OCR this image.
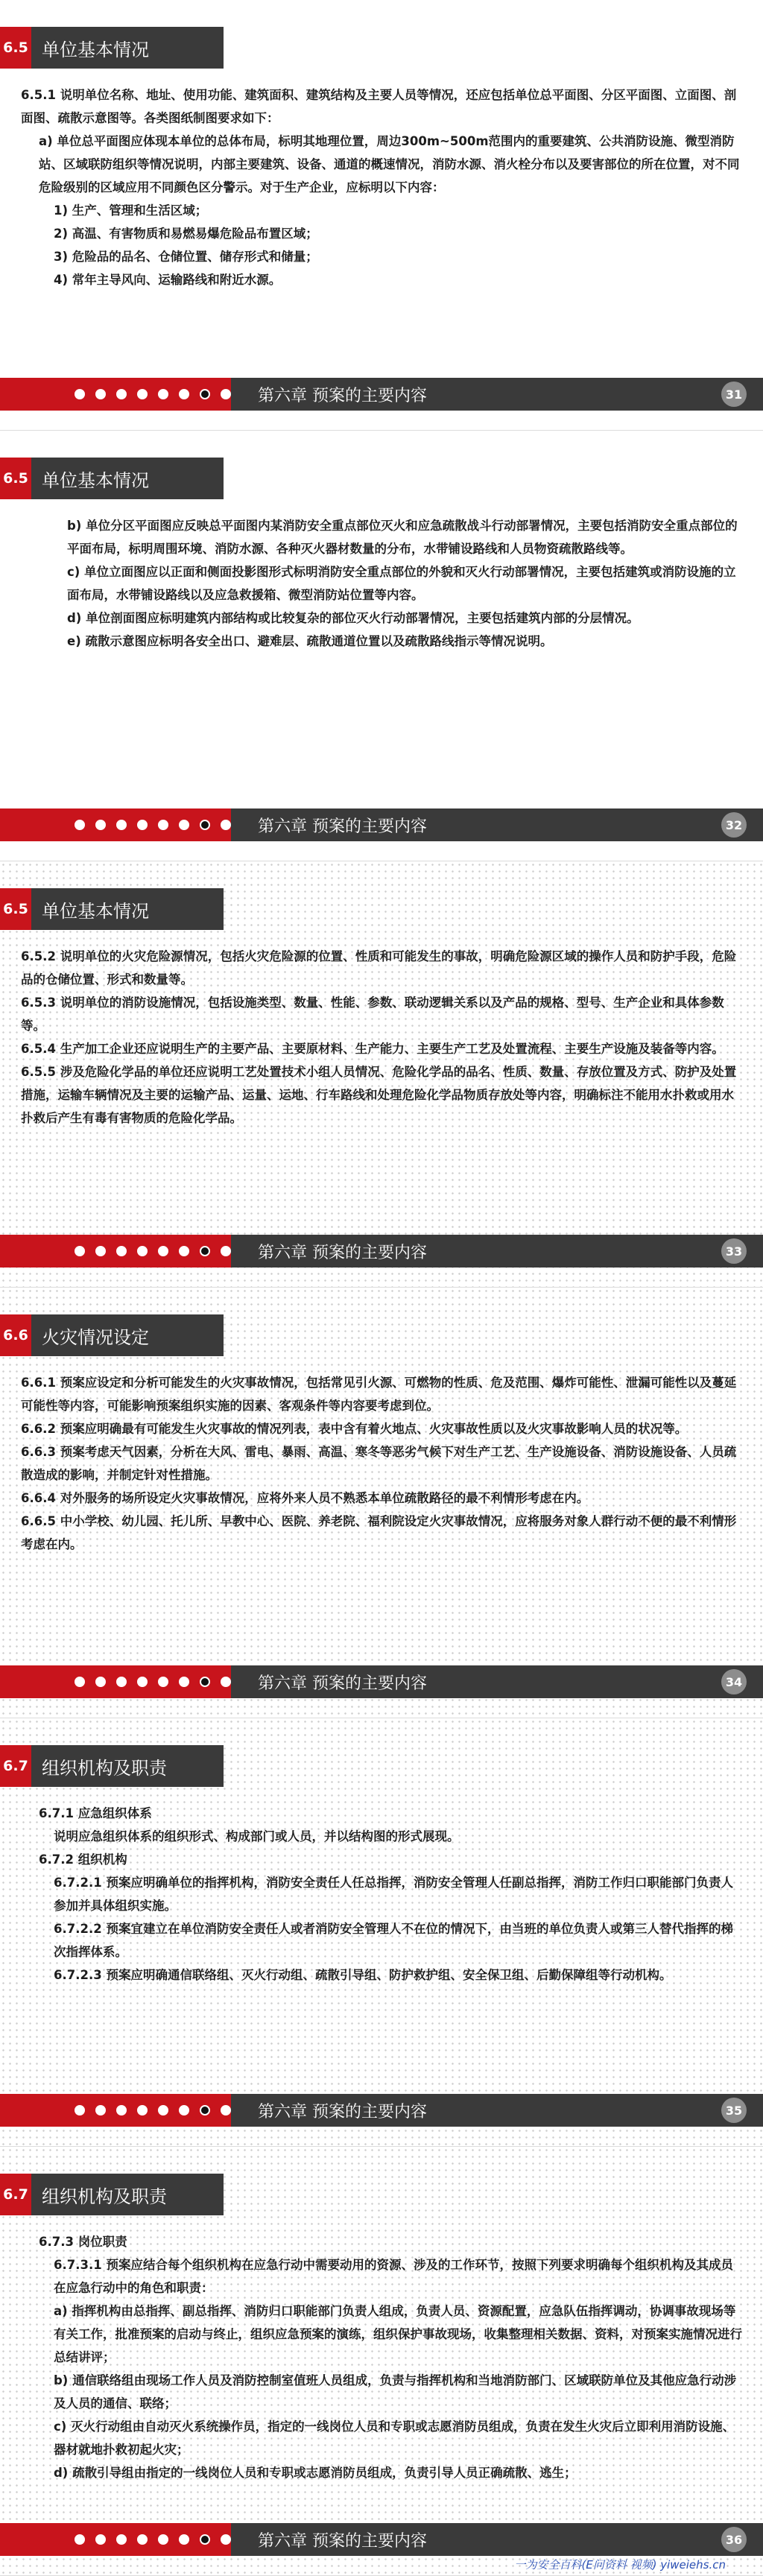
6.5 单位基本情况

6.5.1 说明单位名称、地址、使用功能、建筑面积、建筑结构及主要人员等情况，还应包括单位总平面图、分区平面图、立面图、剖面图、疏散示意图等。各类图纸制图要求如下：

a) 单位总平面图应体现本单位的总体布局，标明其地理位置，周边300m~500m范围内的重要建筑、公共消防设施、微型消防站、区域联防组织等情况说明，内部主要建筑、设备、通道的概速情况，消防水源、消火栓分布以及要害部位的所在位置，对不同危险级别的区域应用不同颜色区分警示。对于生产企业，应标明以下内容：

1) 生产、管理和生活区域；

2) 高温、有害物质和易燃易爆危险品布置区域；

3) 危险品的品名、仓储位置、储存形式和储量；

4) 常年主导风向、运输路线和附近水源。

第六章 预案的主要内容	31
6.5 单位基本情况

b) 单位分区平面图应反映总平面图内某消防安全重点部位灭火和应急疏散战斗行动部署情况，主要包括消防安全重点部位的平面布局，标明周围环境、消防水源、各种灭火器材数量的分布，水带铺设路线和人员物资疏散路线等。

c) 单位立面图应以正面和侧面投影图形式标明消防安全重点部位的外貌和灭火行动部署情况，主要包括建筑或消防设施的立面布局，水带铺设路线以及应急救援箱、微型消防站位置等内容。

d) 单位剖面图应标明建筑内部结构或比较复杂的部位灭火行动部署情况，主要包括建筑内部的分层情况。

e) 疏散示意图应标明各安全出口、避难层、疏散通道位置以及疏散路线指示等情况说明。

第六章 预案的主要内容	32
6.5 单位基本情况

6.5.2 说明单位的火灾危险源情况，包括火灾危险源的位置、性质和可能发生的事故，明确危险源区域的操作人员和防护手段，危险品的仓储位置、形式和数量等。

6.5.3 说明单位的消防设施情况，包括设施类型、数量、性能、参数、联动逻辑关系以及产品的规格、型号、生产企业和具体参数等。

6.5.4 生产加工企业还应说明生产的主要产品、主要原材料、生产能力、主要生产工艺及处置流程、主要生产设施及装备等内容。

6.5.5 涉及危险化学品的单位还应说明工艺处置技术小组人员情况、危险化学品的品名、性质、数量、存放位置及方式、防护及处置措施，运输车辆情况及主要的运输产品、运量、运地、行车路线和处理危险化学品物质存放处等内容，明确标注不能用水扑救或用水扑救后产生有毒有害物质的危险化学品。

第六章 预案的主要内容	33
6.6 火灾情况设定

6.6.1 预案应设定和分析可能发生的火灾事故情况，包括常见引火源、可燃物的性质、危及范围、爆炸可能性、泄漏可能性以及蔓延可能性等内容，可能影响预案组织实施的因素、客观条件等内容要考虑到位。

6.6.2 预案应明确最有可能发生火灾事故的情况列表，表中含有着火地点、火灾事故性质以及火灾事故影响人员的状况等。

6.6.3 预案考虑天气因素，分析在大风、雷电、暴雨、高温、寒冬等恶劣气候下对生产工艺、生产设施设备、消防设施设备、人员疏散造成的影响，并制定针对性措施。

6.6.4 对外服务的场所设定火灾事故情况，应将外来人员不熟悉本单位疏散路径的最不利情形考虑在内。

6.6.5 中小学校、幼儿园、托儿所、早教中心、医院、养老院、福利院设定火灾事故情况，应将服务对象人群行动不便的最不利情形考虑在内。

第六章 预案的主要内容	34
6.7 组织机构及职责

6.7.1 应急组织体系

说明应急组织体系的组织形式、构成部门或人员，并以结构图的形式展现。

6.7.2 组织机构

6.7.2.1 预案应明确单位的指挥机构，消防安全责任人任总指挥，消防安全管理人任副总指挥，消防工作归口职能部门负责人参加并具体组织实施。

6.7.2.2 预案宜建立在单位消防安全责任人或者消防安全管理人不在位的情况下，由当班的单位负责人或第三人替代指挥的梯次指挥体系。

6.7.2.3 预案应明确通信联络组、灭火行动组、疏散引导组、防护救护组、安全保卫组、后勤保障组等行动机构。

第六章 预案的主要内容	35
6.7 组织机构及职责

6.7.3 岗位职责

6.7.3.1 预案应结合每个组织机构在应急行动中需要动用的资源、涉及的工作环节，按照下列要求明确每个组织机构及其成员在应急行动中的角色和职责：

a) 指挥机构由总指挥、副总指挥、消防归口职能部门负责人组成，负责人员、资源配置，应急队伍指挥调动，协调事故现场等有关工作，批准预案的启动与终止，组织应急预案的演练，组织保护事故现场，收集整理相关数据、资料，对预案实施情况进行总结讲评；

b) 通信联络组由现场工作人员及消防控制室值班人员组成，负责与指挥机构和当地消防部门、区域联防单位及其他应急行动涉及人员的通信、联络；

c) 灭火行动组由自动灭火系统操作员，指定的一线岗位人员和专职或志愿消防员组成，负责在发生火灾后立即利用消防设施、器材就地扑救初起火灾；

d) 疏散引导组由指定的一线岗位人员和专职或志愿消防员组成，负责引导人员正确疏散、逃生；

第六章 预案的主要内容	36
一为安全百科(E问资料 视频) yiweiehs.cn
